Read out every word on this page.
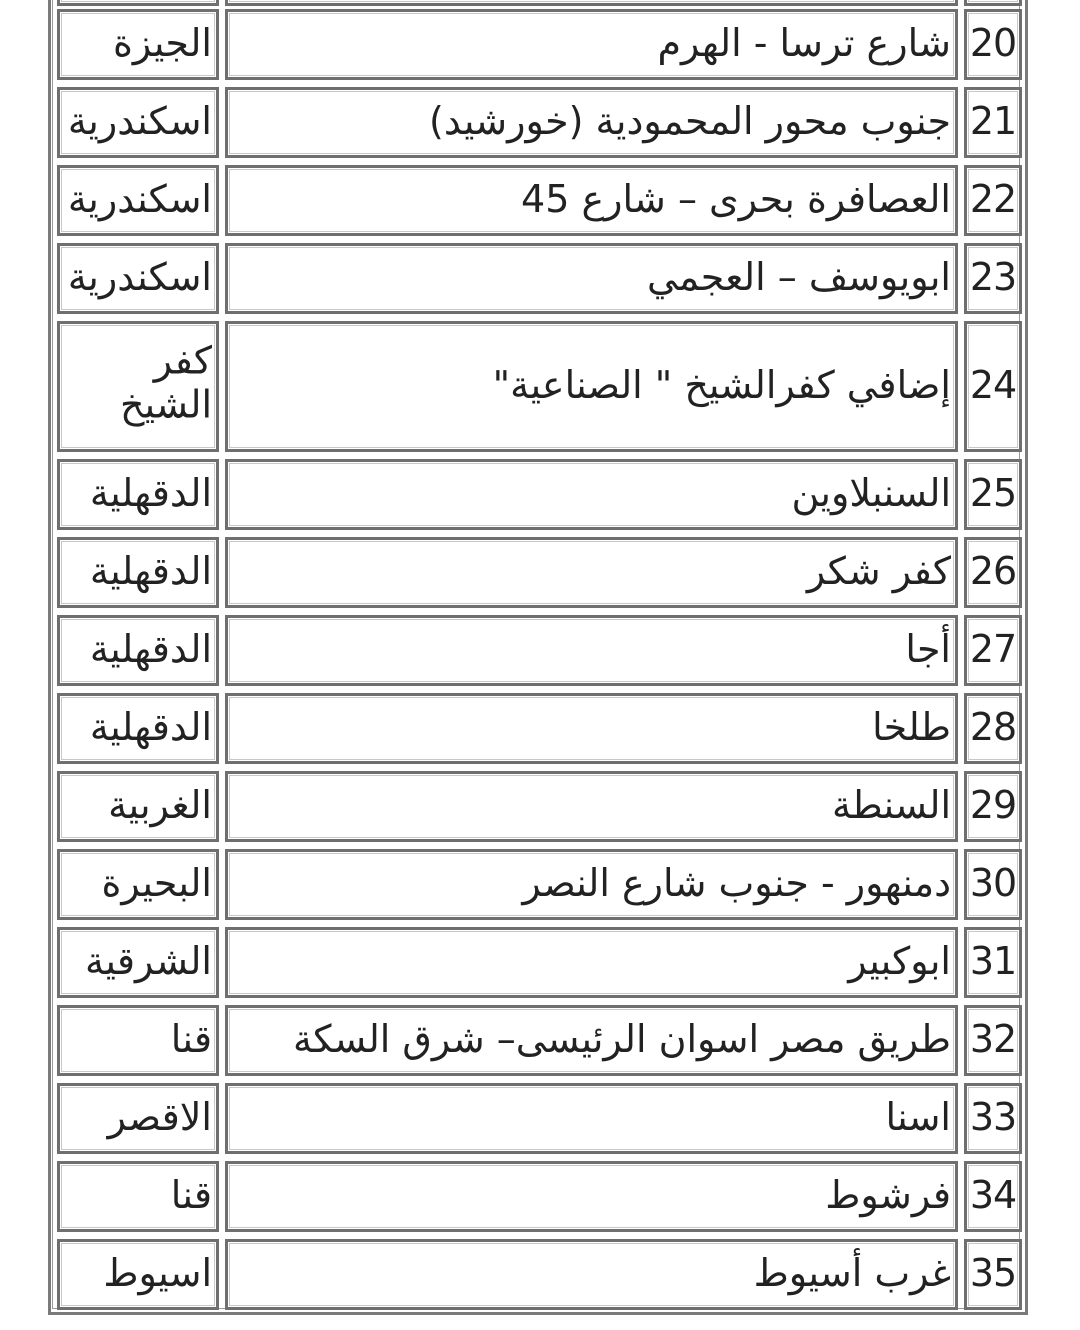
20
شارع ترسا - الهرم
الجيزة
21
جنوب محور المحمودية (خورشيد)
اسكندرية
22
العصافرة بحرى – شارع 45
اسكندرية
23
ابويوسف – العجمي
اسكندرية
24
إضافي كفرالشيخ " الصناعية"
كفر الشيخ
25
السنبلاوين
الدقهلية
26
كفر شكر
الدقهلية
27
أجا
الدقهلية
28
طلخا
الدقهلية
29
السنطة
الغربية
30
دمنهور - جنوب شارع النصر
البحيرة
31
ابوكبير
الشرقية
32
طريق مصر اسوان الرئيسى– شرق السكة
قنا
33
اسنا
الاقصر
34
فرشوط
قنا
35
غرب أسيوط
اسيوط
